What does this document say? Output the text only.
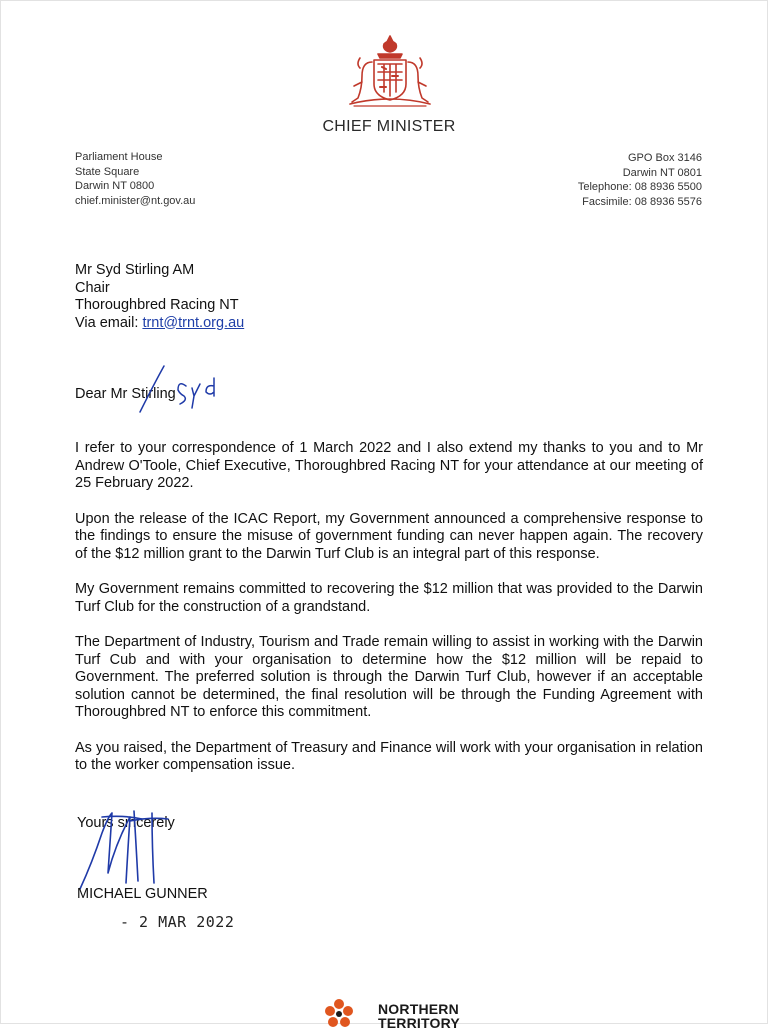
CHIEF MINISTER
Parliament House
State Square
Darwin NT 0800
chief.minister@nt.gov.au
GPO Box 3146
Darwin NT 0801
Telephone: 08 8936 5500
Facsimile: 08 8936 5576
Mr Syd Stirling AM
Chair
Thoroughbred Racing NT
Via email: trnt@trnt.org.au
Dear Mr Stirling

I refer to your correspondence of 1 March 2022 and I also extend my thanks to you and to Mr Andrew O'Toole, Chief Executive, Thoroughbred Racing NT for your attendance at our meeting of 25 February 2022.

Upon the release of the ICAC Report, my Government announced a comprehensive response to the findings to ensure the misuse of government funding can never happen again. The recovery of the $12 million grant to the Darwin Turf Club is an integral part of this response.

My Government remains committed to recovering the $12 million that was provided to the Darwin Turf Club for the construction of a grandstand.

The Department of Industry, Tourism and Trade remain willing to assist in working with the Darwin Turf Cub and with your organisation to determine how the $12 million will be repaid to Government. The preferred solution is through the Darwin Turf Club, however if an acceptable solution cannot be determined, the final resolution will be through the Funding Agreement with Thoroughbred NT to enforce this commitment.

As you raised, the Department of Treasury and Finance will work with your organisation in relation to the worker compensation issue.

Yours sincerely
MICHAEL GUNNER
- 2 MAR 2022
NORTHERN
TERRITORY
